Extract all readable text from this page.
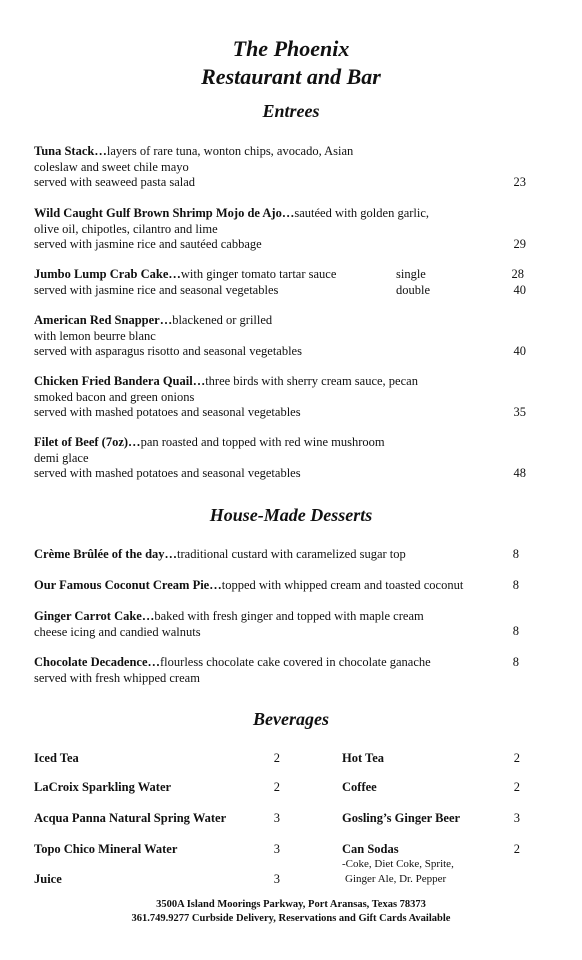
The Phoenix
Restaurant and Bar
Entrees
Tuna Stack…layers of rare tuna, wonton chips, avocado, Asian
coleslaw and sweet chile mayo
served with seaweed pasta salad	23
Wild Caught Gulf Brown Shrimp Mojo de Ajo…sautéed with golden garlic,
olive oil, chipotles, cilantro and lime
served with jasmine rice and sautéed cabbage	29
Jumbo Lump Crab Cake…with ginger tomato tartar sauce
served with jasmine rice and seasonal vegetables
single	28
double	40
American Red Snapper…blackened or grilled
with lemon beurre blanc
served with asparagus risotto and seasonal vegetables	40
Chicken Fried Bandera Quail…three birds with sherry cream sauce, pecan
smoked bacon and green onions
served with mashed potatoes and seasonal vegetables	35
Filet of Beef (7oz)…pan roasted and topped with red wine mushroom
demi glace
served with mashed potatoes and seasonal vegetables	48
House-Made Desserts
Crème Brûlée of the day…traditional custard with caramelized sugar top	8
Our Famous Coconut Cream Pie…topped with whipped cream and toasted coconut	8
Ginger Carrot Cake…baked with fresh ginger and topped with maple cream
cheese icing and candied walnuts	8
Chocolate Decadence…flourless chocolate cake covered in chocolate ganache
served with fresh whipped cream
8
Beverages
Iced Tea	2
LaCroix Sparkling Water	2
Acqua Panna Natural Spring Water	3
Topo Chico Mineral Water	3
Juice	3
Hot Tea	2
Coffee	2
Gosling’s Ginger Beer	3
Can Sodas	2
-Coke, Diet Coke, Sprite,
Ginger Ale, Dr. Pepper
3500A Island Moorings Parkway, Port Aransas, Texas 78373
361.749.9277 Curbside Delivery, Reservations and Gift Cards Available
